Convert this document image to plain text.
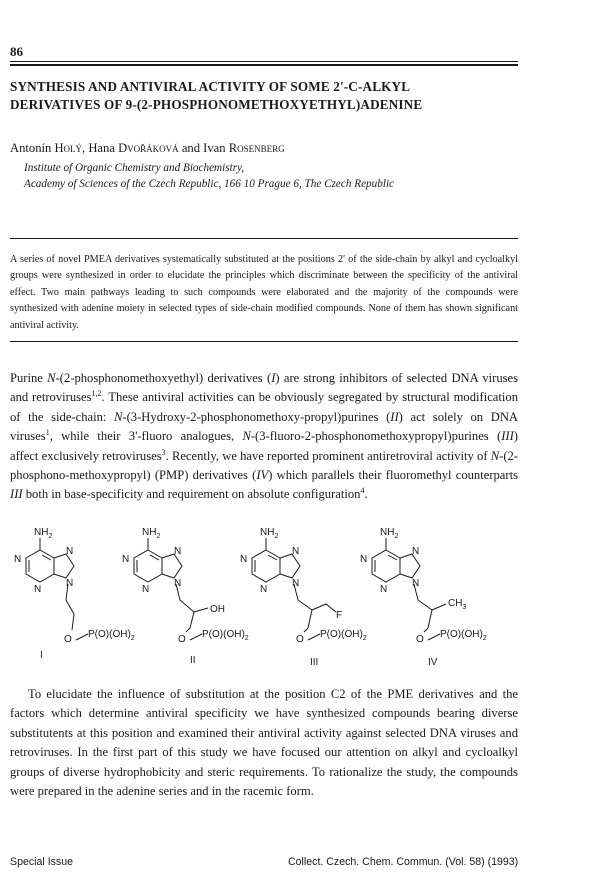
86
SYNTHESIS AND ANTIVIRAL ACTIVITY OF SOME 2'-C-ALKYL
DERIVATIVES OF 9-(2-PHOSPHONOMETHOXYETHYL)ADENINE
Antonín Holý, Hana Dvořáková and Ivan Rosenberg
Institute of Organic Chemistry and Biochemistry,
Academy of Sciences of the Czech Republic, 166 10 Prague 6, The Czech Republic

A series of novel PMEA derivatives systematically substituted at the positions 2' of the side-chain by alkyl and cycloalkyl groups were synthesized in order to elucidate the principles which discriminate between the specificity of the antiviral effect. Two main pathways leading to such compounds were elaborated and the majority of the compounds were synthesized with adenine moiety in selected types of side-chain modified compounds. None of them has shown significant antiviral activity.

Purine N-(2-phosphonomethoxyethyl) derivatives (I) are strong inhibitors of selected DNA viruses and retroviruses$^{1,2}$. These antiviral activities can be obviously segregated by structural modification of the side-chain: N-(3-Hydroxy-2-phosphonomethoxy-propyl)purines (II) act solely on DNA viruses$^1$, while their 3'-fluoro analogues, N-(3-fluoro-2-phosphonomethoxypropyl)purines (III) affect exclusively retroviruses$^3$. Recently, we have reported prominent antiretroviral activity of N-(2-phosphono-methoxypropyl) (PMP) derivatives (IV) which parallels their fluoromethyl counterparts III both in base-specificity and requirement on absolute configuration$^4$.

$NH_2$
N
N
N
N
O $P(O)(OH)_2$
I
$NH_2$
N
N
N
N
OH
O $P(O)(OH)_2$
II
$NH_2$
N
N
N
N
F
O $P(O)(OH)_2$
III
$NH_2$
N
N
N
N
$CH_3$
O $P(O)(OH)_2$
IV

To elucidate the influence of substitution at the position C2 of the PME derivatives and the factors which determine antiviral specificity we have synthesized compounds bearing diverse substitutents at this position and examined their antiviral activity against selected DNA viruses and retroviruses. In the first part of this study we have focused our attention on alkyl and cycloalkyl groups of diverse hydrophobicity and steric requirements. To rationalize the study, the compounds were prepared in the adenine series and in the racemic form.

Special Issue	Collect. Czech. Chem. Commun. (Vol. 58) (1993)
